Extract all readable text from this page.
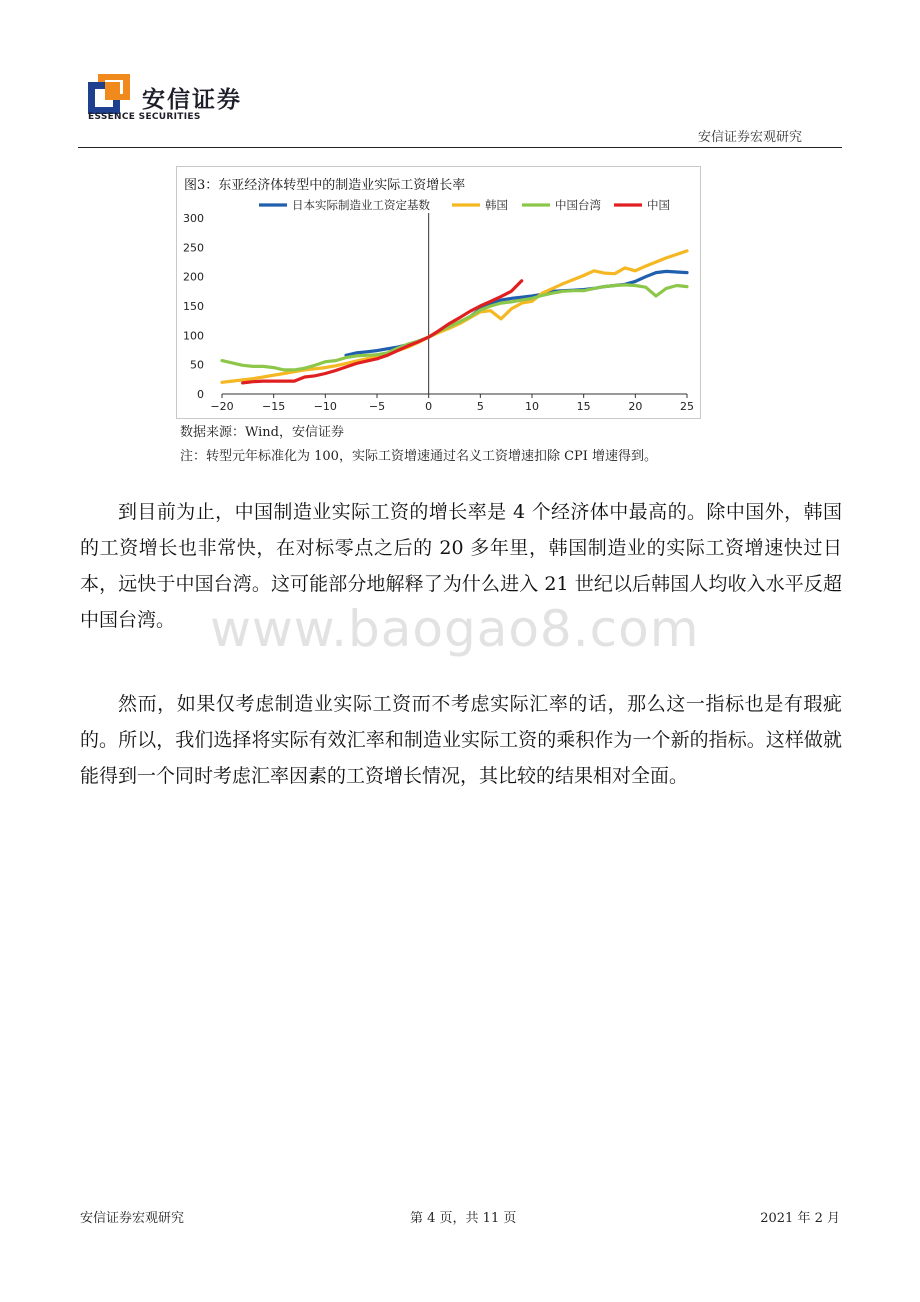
安信证券
ESSENCE SECURITIES
安信证券宏观研究
图3：东亚经济体转型中的制造业实际工资增长率
0
50
100
150
200
250
300
−20	−15	−10	−5	0	5	10	15	20	25
日本实际制造业工资定基数	韩国	中国台湾	中国
数据来源：Wind，安信证券
注：转型元年标准化为 100，实际工资增速通过名义工资增速扣除 CPI 增速得到。
www.baogao8.com

到目前为止，中国制造业实际工资的增长率是 4 个经济体中最高的。除中国外，韩国的工资增长也非常快，在对标零点之后的 20 多年里，韩国制造业的实际工资增速快过日本，远快于中国台湾。这可能部分地解释了为什么进入 21 世纪以后韩国人均收入水平反超中国台湾。

然而，如果仅考虑制造业实际工资而不考虑实际汇率的话，那么这一指标也是有瑕疵的。所以，我们选择将实际有效汇率和制造业实际工资的乘积作为一个新的指标。这样做就能得到一个同时考虑汇率因素的工资增长情况，其比较的结果相对全面。

安信证券宏观研究	第 4 页，共 11 页	2021 年 2 月
